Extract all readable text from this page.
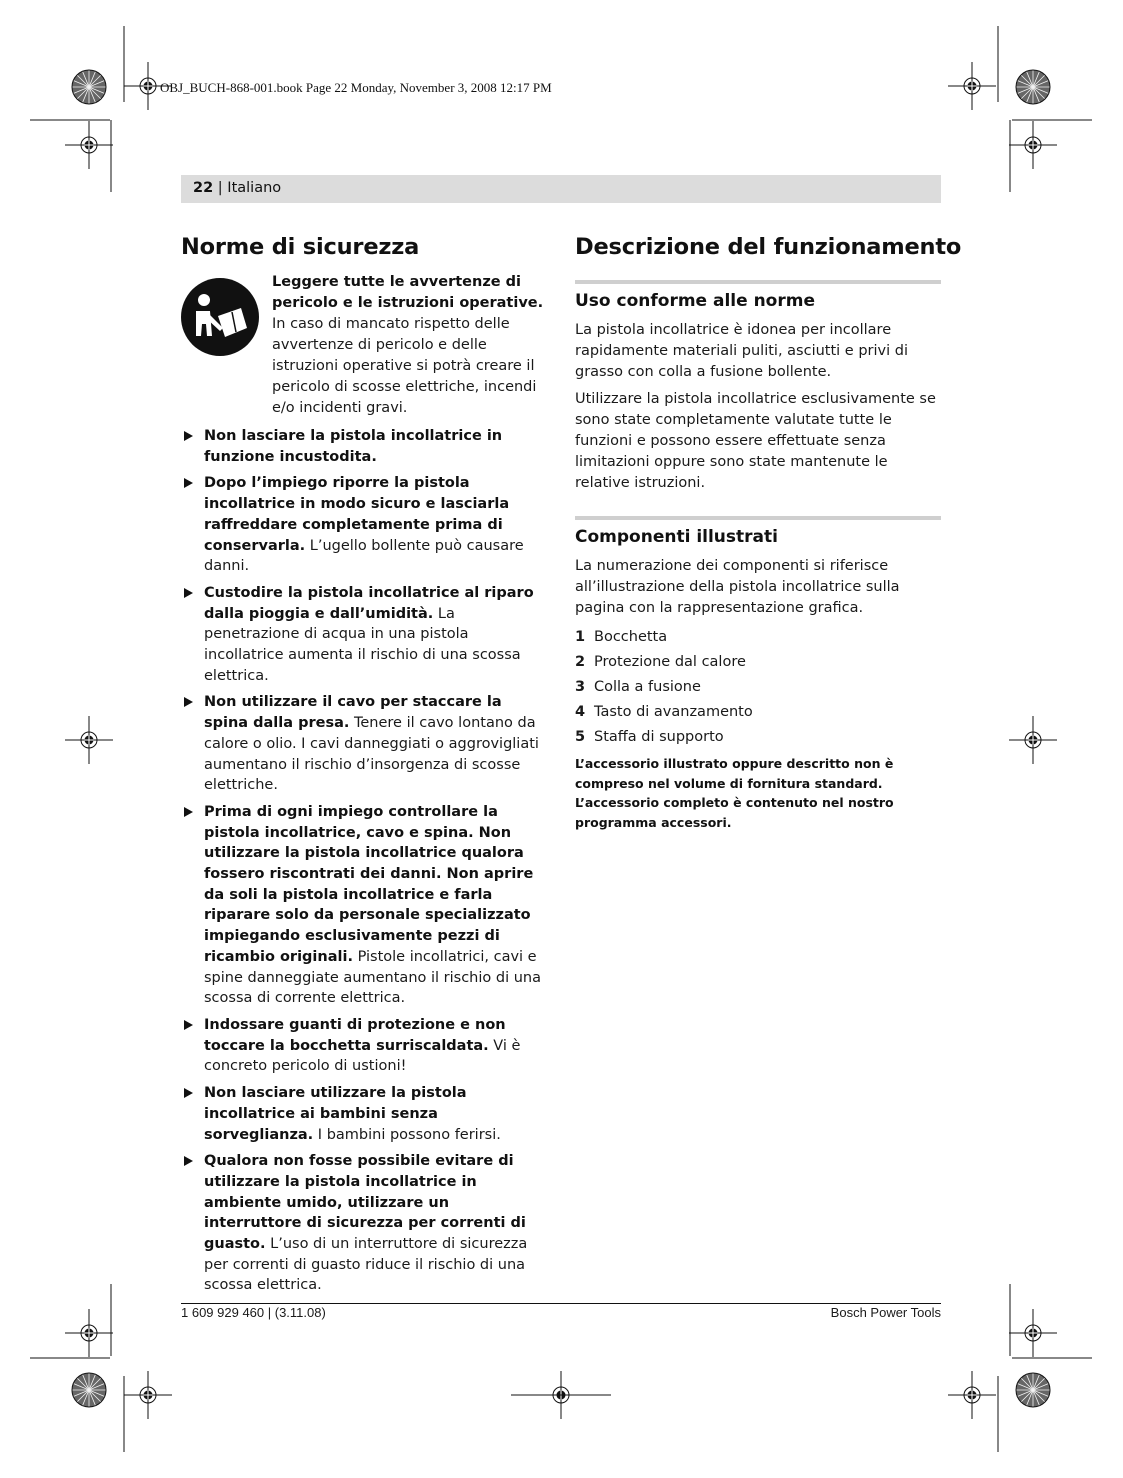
OBJ_BUCH-868-001.book Page 22 Monday, November 3, 2008 12:17 PM
22 | Italiano
Norme di sicurezza
Leggere tutte le avvertenze di pericolo e le istruzioni operative. In caso di mancato rispetto delle avvertenze di pericolo e delle istruzioni operative si potrà creare il pericolo di scosse elettriche, incendi e/o incidenti gravi.
Non lasciare la pistola incollatrice in funzione incustodita.
Dopo l’impiego riporre la pistola incollatrice in modo sicuro e lasciarla raffreddare completamente prima di conservarla. L’ugello bollente può causare danni.
Custodire la pistola incollatrice al riparo dalla pioggia e dall’umidità. La penetrazione di acqua in una pistola incollatrice aumenta il rischio di una scossa elettrica.
Non utilizzare il cavo per staccare la spina dalla presa. Tenere il cavo lontano da calore o olio. I cavi danneggiati o aggrovigliati aumentano il rischio d’insorgenza di scosse elettriche.
Prima di ogni impiego controllare la pistola incollatrice, cavo e spina. Non utilizzare la pistola incollatrice qualora fossero riscontrati dei danni. Non aprire da soli la pistola incollatrice e farla riparare solo da personale specializzato impiegando esclusivamente pezzi di ricambio originali. Pistole incollatrici, cavi e spine danneggiate aumentano il rischio di una scossa di corrente elettrica.
Indossare guanti di protezione e non toccare la bocchetta surriscaldata. Vi è concreto pericolo di ustioni!
Non lasciare utilizzare la pistola incollatrice ai bambini senza sorveglianza. I bambini possono ferirsi.
Qualora non fosse possibile evitare di utilizzare la pistola incollatrice in ambiente umido, utilizzare un interruttore di sicurezza per correnti di guasto. L’uso di un interruttore di sicurezza per correnti di guasto riduce il rischio di una scossa elettrica.
Descrizione del funzionamento
Uso conforme alle norme

La pistola incollatrice è idonea per incollare rapidamente materiali puliti, asciutti e privi di grasso con colla a fusione bollente.

Utilizzare la pistola incollatrice esclusivamente se sono state completamente valutate tutte le funzioni e possono essere effettuate senza limitazioni oppure sono state mantenute le relative istruzioni.

Componenti illustrati

La numerazione dei componenti si riferisce all’illustrazione della pistola incollatrice sulla pagina con la rappresentazione grafica.

1 Bocchetta
2 Protezione dal calore
3 Colla a fusione
4 Tasto di avanzamento
5 Staffa di supporto
L’accessorio illustrato oppure descritto non è compreso nel volume di fornitura standard. L’accessorio completo è contenuto nel nostro programma accessori.
1 609 929 460 | (3.11.08)	Bosch Power Tools
